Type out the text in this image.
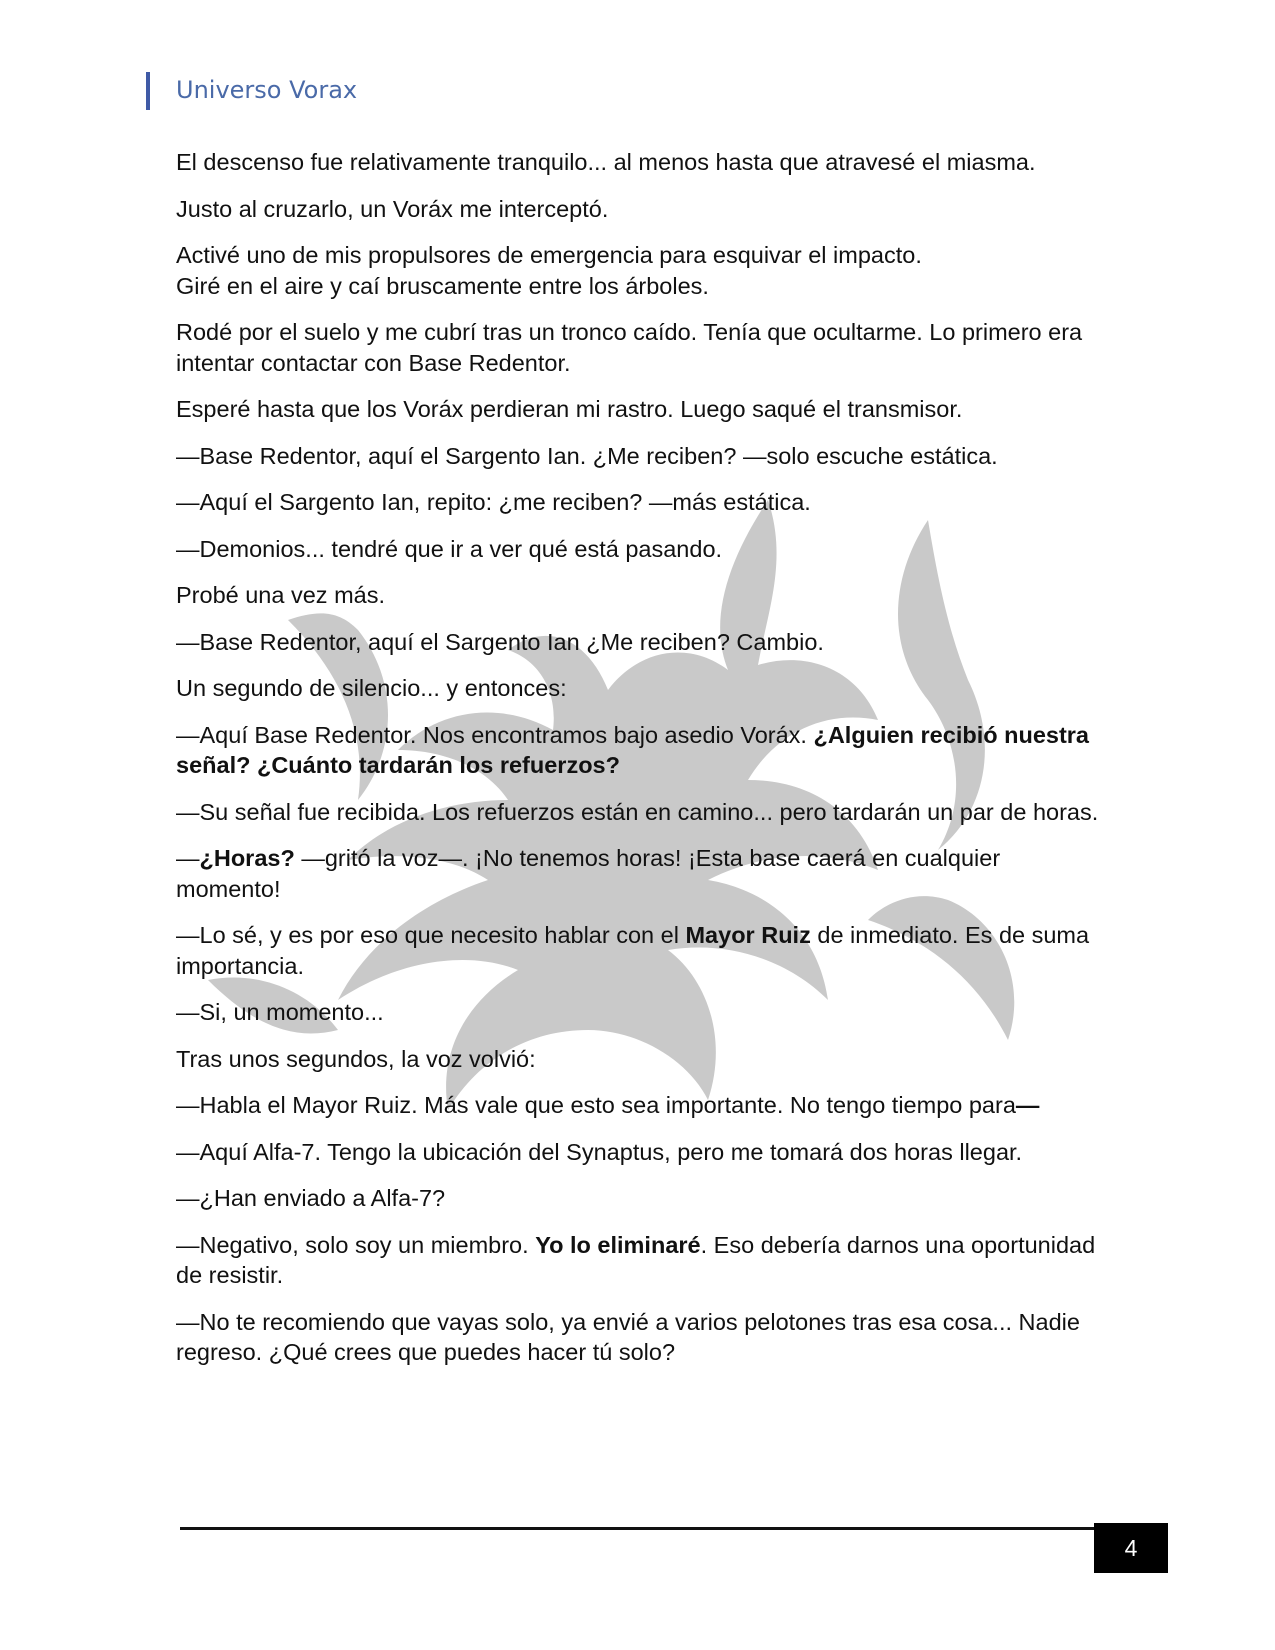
Universo Vorax

El descenso fue relativamente tranquilo... al menos hasta que atravesé el miasma.

Justo al cruzarlo, un Voráx me interceptó.

Activé uno de mis propulsores de emergencia para esquivar el impacto.
Giré en el aire y caí bruscamente entre los árboles.

Rodé por el suelo y me cubrí tras un tronco caído. Tenía que ocultarme. Lo primero era intentar contactar con Base Redentor.

Esperé hasta que los Voráx perdieran mi rastro. Luego saqué el transmisor.

—Base Redentor, aquí el Sargento Ian. ¿Me reciben? —solo escuche estática.

—Aquí el Sargento Ian, repito: ¿me reciben? —más estática.

—Demonios... tendré que ir a ver qué está pasando.

Probé una vez más.

—Base Redentor, aquí el Sargento Ian ¿Me reciben? Cambio.

Un segundo de silencio... y entonces:

—Aquí Base Redentor. Nos encontramos bajo asedio Voráx. ¿Alguien recibió nuestra señal? ¿Cuánto tardarán los refuerzos?

—Su señal fue recibida. Los refuerzos están en camino... pero tardarán un par de horas.

—¿Horas? —gritó la voz—. ¡No tenemos horas! ¡Esta base caerá en cualquier momento!

—Lo sé, y es por eso que necesito hablar con el Mayor Ruiz de inmediato. Es de suma importancia.

—Si, un momento...

Tras unos segundos, la voz volvió:

—Habla el Mayor Ruiz. Más vale que esto sea importante. No tengo tiempo para—

—Aquí Alfa-7. Tengo la ubicación del Synaptus, pero me tomará dos horas llegar.

—¿Han enviado a Alfa-7?

—Negativo, solo soy un miembro. Yo lo eliminaré. Eso debería darnos una oportunidad de resistir.

—No te recomiendo que vayas solo, ya envié a varios pelotones tras esa cosa... Nadie regreso. ¿Qué crees que puedes hacer tú solo?

4
